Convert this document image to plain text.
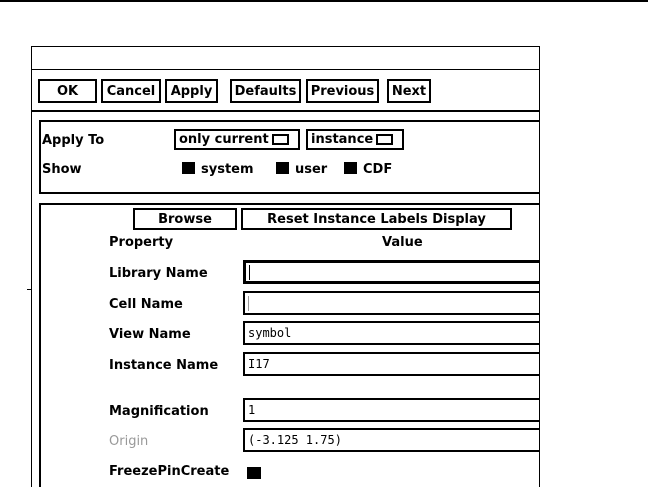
OK	Cancel	Apply	Defaults	Previous	Next
Apply To	only current	instance
Show	system	user	CDF
Browse	Reset Instance Labels Display
Property	Value
Library Name
Cell Name
View Name	symbol
Instance Name I17
Magnification	1
Origin	(-3.125 1.75)
FreezePinCreate
